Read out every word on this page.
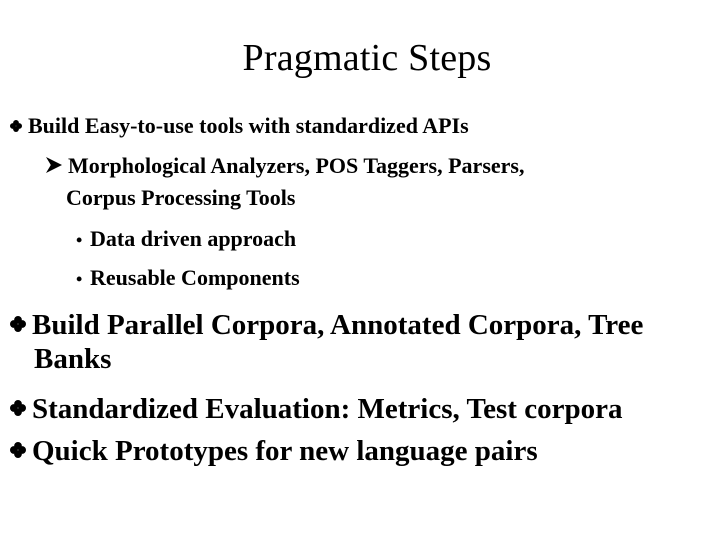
Pragmatic Steps
Build Easy-to-use tools with standardized APIs
Morphological Analyzers, POS Taggers, Parsers,
Corpus Processing Tools
• Data driven approach
• Reusable Components
Build Parallel Corpora, Annotated Corpora, Tree
Banks
Standardized Evaluation: Metrics, Test corpora
Quick Prototypes for new language pairs
